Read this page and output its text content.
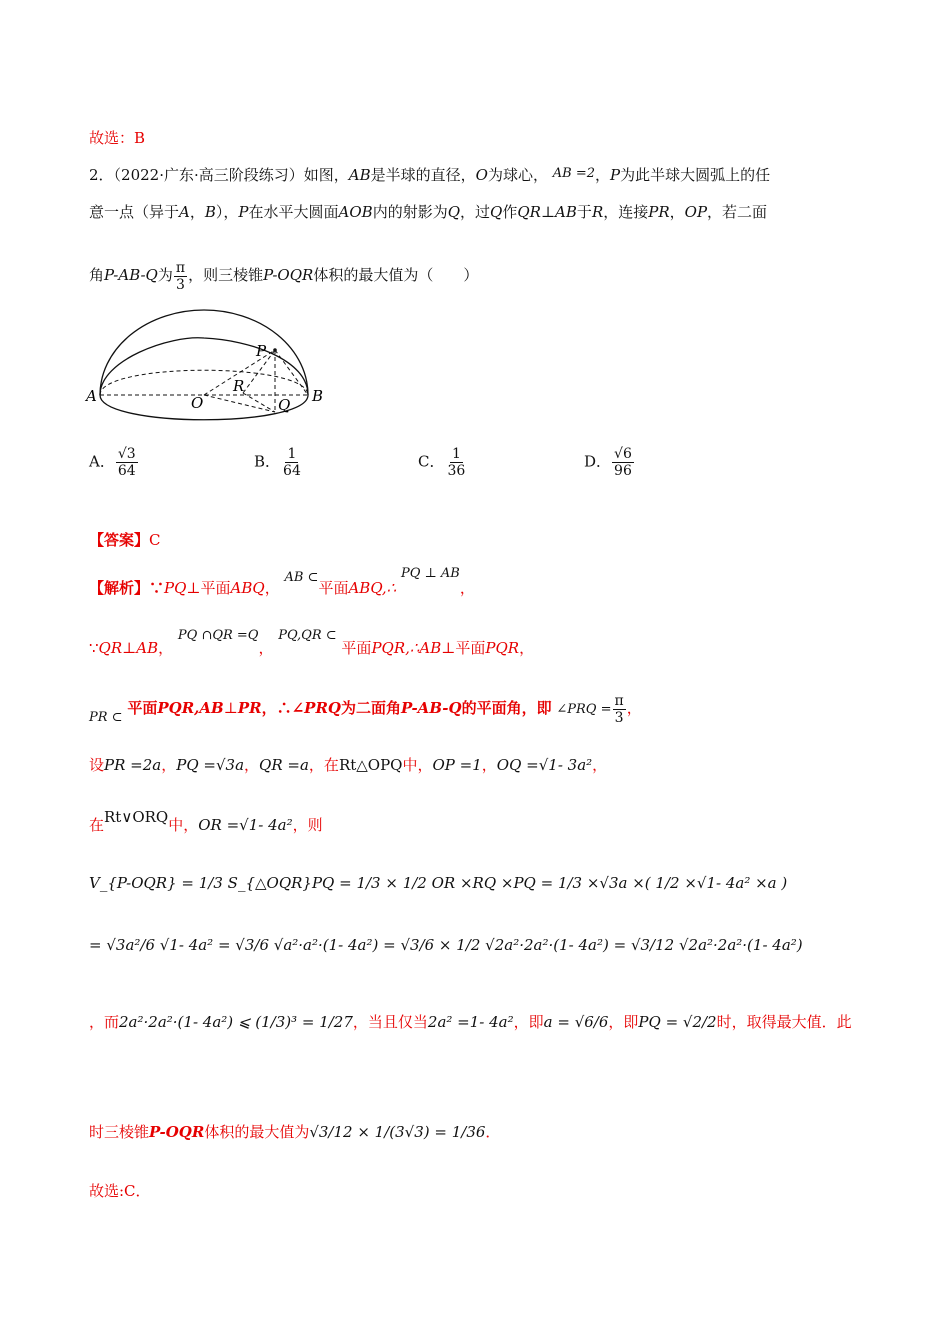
故选：B
2．（2022·广东·高三阶段练习）如图，AB是半球的直径，O为球心， AB =2，P为此半球大圆弧上的任
意一点（异于A，B），P在水平大圆面AOB内的射影为Q，过Q作QR⊥AB于R，连接PR，OP，若二面
角P-AB-Q为 $\frac{\pi}{3}$ ，则三棱锥P-OQR体积的最大值为（　　）
P
R
A	O	Q B
A． $\frac{√3}{64}$	B． $\frac{1}{64}$	C． $\frac{1}{36}$	D． $\frac{√6}{96}$
【答案】C
【解析】∵PQ⊥平面ABQ， AB ⊂平面ABQ,∴ PQ ⊥ AB，
∵QR⊥AB， PQ ∩QR =Q， PQ,QR ⊂ 平面PQR,∴AB⊥平面PQR，
PR ⊂ 平面PQR,AB⊥PR，∴∠PRQ为二面角P-AB-Q的平面角，即 ∠PRQ = $\frac{\pi}{3}$ ，
设PR =2a，PQ =√3a，QR =a，在Rt△OPQ中，OP =1，OQ =√1- 3a²，
在Rt∨ORQ中，OR =√1- 4a²，则
V_{P-OQR} = 1/3 S_{△OQR}PQ = 1/3 × 1/2 OR ×RQ ×PQ = 1/3 ×√3a ×( 1/2 ×√1- 4a² ×a )
= √3a²/6 √1- 4a² = √3/6 √a²·a²·(1- 4a²) = √3/6 × 1/2 √2a²·2a²·(1- 4a²) = √3/12 √2a²·2a²·(1- 4a²)
，而2a²·2a²·(1- 4a²) ⩽ (1/3)³ = 1/27，当且仅当2a² =1- 4a²，即a = √6/6，即PQ = √2/2时，取得最大值．此
时三棱锥P-OQR体积的最大值为√3/12 × 1/(3√3) = 1/36．
故选:C．
